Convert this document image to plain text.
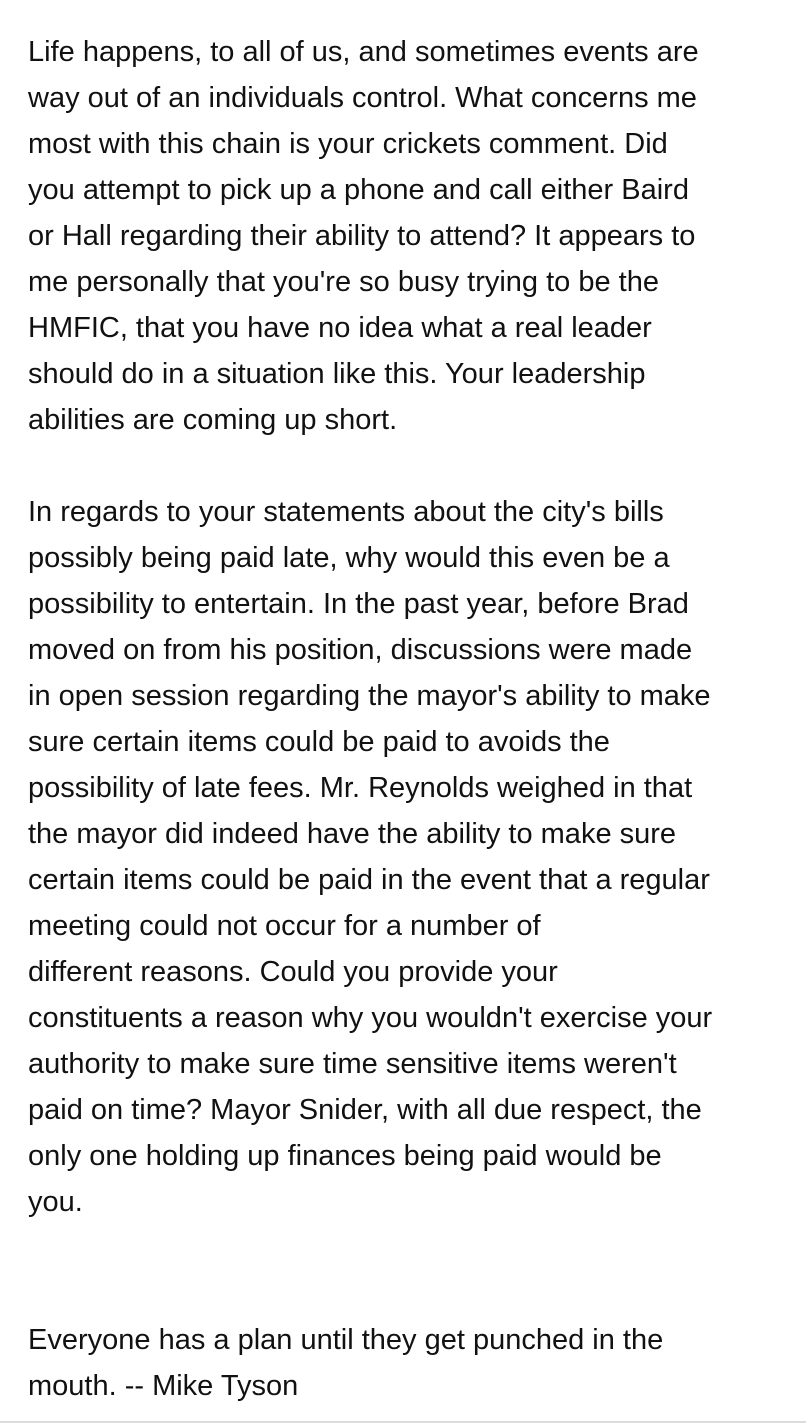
Life happens, to all of us, and sometimes events are
way out of an individuals control. What concerns me
most with this chain is your crickets comment. Did
you attempt to pick up a phone and call either Baird
or Hall regarding their ability to attend? It appears to
me personally that you're so busy trying to be the
HMFIC, that you have no idea what a real leader
should do in a situation like this. Your leadership
abilities are coming up short.
In regards to your statements about the city's bills
possibly being paid late, why would this even be a
possibility to entertain. In the past year, before Brad
moved on from his position, discussions were made
in open session regarding the mayor's ability to make
sure certain items could be paid to avoids the
possibility of late fees. Mr. Reynolds weighed in that
the mayor did indeed have the ability to make sure
certain items could be paid in the event that a regular
meeting could not occur for a number of
different reasons. Could you provide your
constituents a reason why you wouldn't exercise your
authority to make sure time sensitive items weren't
paid on time? Mayor Snider, with all due respect, the
only one holding up finances being paid would be
you.
Everyone has a plan until they get punched in the
mouth. -- Mike Tyson
